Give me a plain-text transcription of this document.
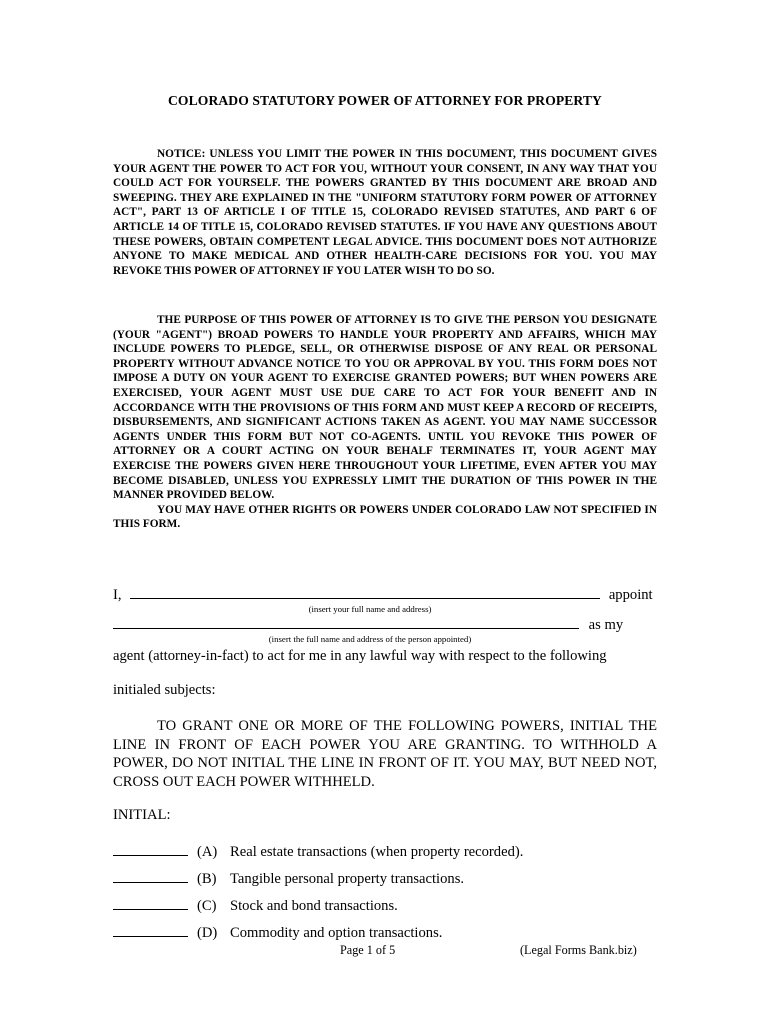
COLORADO STATUTORY POWER OF ATTORNEY FOR PROPERTY

NOTICE: UNLESS YOU LIMIT THE POWER IN THIS DOCUMENT, THIS DOCUMENT GIVES YOUR AGENT THE POWER TO ACT FOR YOU, WITHOUT YOUR CONSENT, IN ANY WAY THAT YOU COULD ACT FOR YOURSELF. THE POWERS GRANTED BY THIS DOCUMENT ARE BROAD AND SWEEPING. THEY ARE EXPLAINED IN THE "UNIFORM STATUTORY FORM POWER OF ATTORNEY ACT", PART 13 OF ARTICLE I OF TITLE 15, COLORADO REVISED STATUTES, AND PART 6 OF ARTICLE 14 OF TITLE 15, COLORADO REVISED STATUTES. IF YOU HAVE ANY QUESTIONS ABOUT THESE POWERS, OBTAIN COMPETENT LEGAL ADVICE. THIS DOCUMENT DOES NOT AUTHORIZE ANYONE TO MAKE MEDICAL AND OTHER HEALTH-CARE DECISIONS FOR YOU. YOU MAY REVOKE THIS POWER OF ATTORNEY IF YOU LATER WISH TO DO SO.

THE PURPOSE OF THIS POWER OF ATTORNEY IS TO GIVE THE PERSON YOU DESIGNATE (YOUR "AGENT") BROAD POWERS TO HANDLE YOUR PROPERTY AND AFFAIRS, WHICH MAY INCLUDE POWERS TO PLEDGE, SELL, OR OTHERWISE DISPOSE OF ANY REAL OR PERSONAL PROPERTY WITHOUT ADVANCE NOTICE TO YOU OR APPROVAL BY YOU. THIS FORM DOES NOT IMPOSE A DUTY ON YOUR AGENT TO EXERCISE GRANTED POWERS; BUT WHEN POWERS ARE EXERCISED, YOUR AGENT MUST USE DUE CARE TO ACT FOR YOUR BENEFIT AND IN ACCORDANCE WITH THE PROVISIONS OF THIS FORM AND MUST KEEP A RECORD OF RECEIPTS, DISBURSEMENTS, AND SIGNIFICANT ACTIONS TAKEN AS AGENT. YOU MAY NAME SUCCESSOR AGENTS UNDER THIS FORM BUT NOT CO-AGENTS. UNTIL YOU REVOKE THIS POWER OF ATTORNEY OR A COURT ACTING ON YOUR BEHALF TERMINATES IT, YOUR AGENT MAY EXERCISE THE POWERS GIVEN HERE THROUGHOUT YOUR LIFETIME, EVEN AFTER YOU MAY BECOME DISABLED, UNLESS YOU EXPRESSLY LIMIT THE DURATION OF THIS POWER IN THE MANNER PROVIDED BELOW.

YOU MAY HAVE OTHER RIGHTS OR POWERS UNDER COLORADO LAW NOT SPECIFIED IN THIS FORM.

I,	appoint
(insert your full name and address)
as my
(insert the full name and address of the person appointed)
agent (attorney-in-fact) to act for me in any lawful way with respect to the following
initialed subjects:
TO GRANT ONE OR MORE OF THE FOLLOWING POWERS, INITIAL THE LINE IN FRONT OF EACH POWER YOU ARE GRANTING. TO WITHHOLD A POWER, DO NOT INITIAL THE LINE IN FRONT OF IT. YOU MAY, BUT NEED NOT, CROSS OUT EACH POWER WITHHELD.
INITIAL:
(A) Real estate transactions (when property recorded).
(B) Tangible personal property transactions.
(C) Stock and bond transactions.
(D) Commodity and option transactions.
Page 1 of 5	(Legal Forms Bank.biz)
